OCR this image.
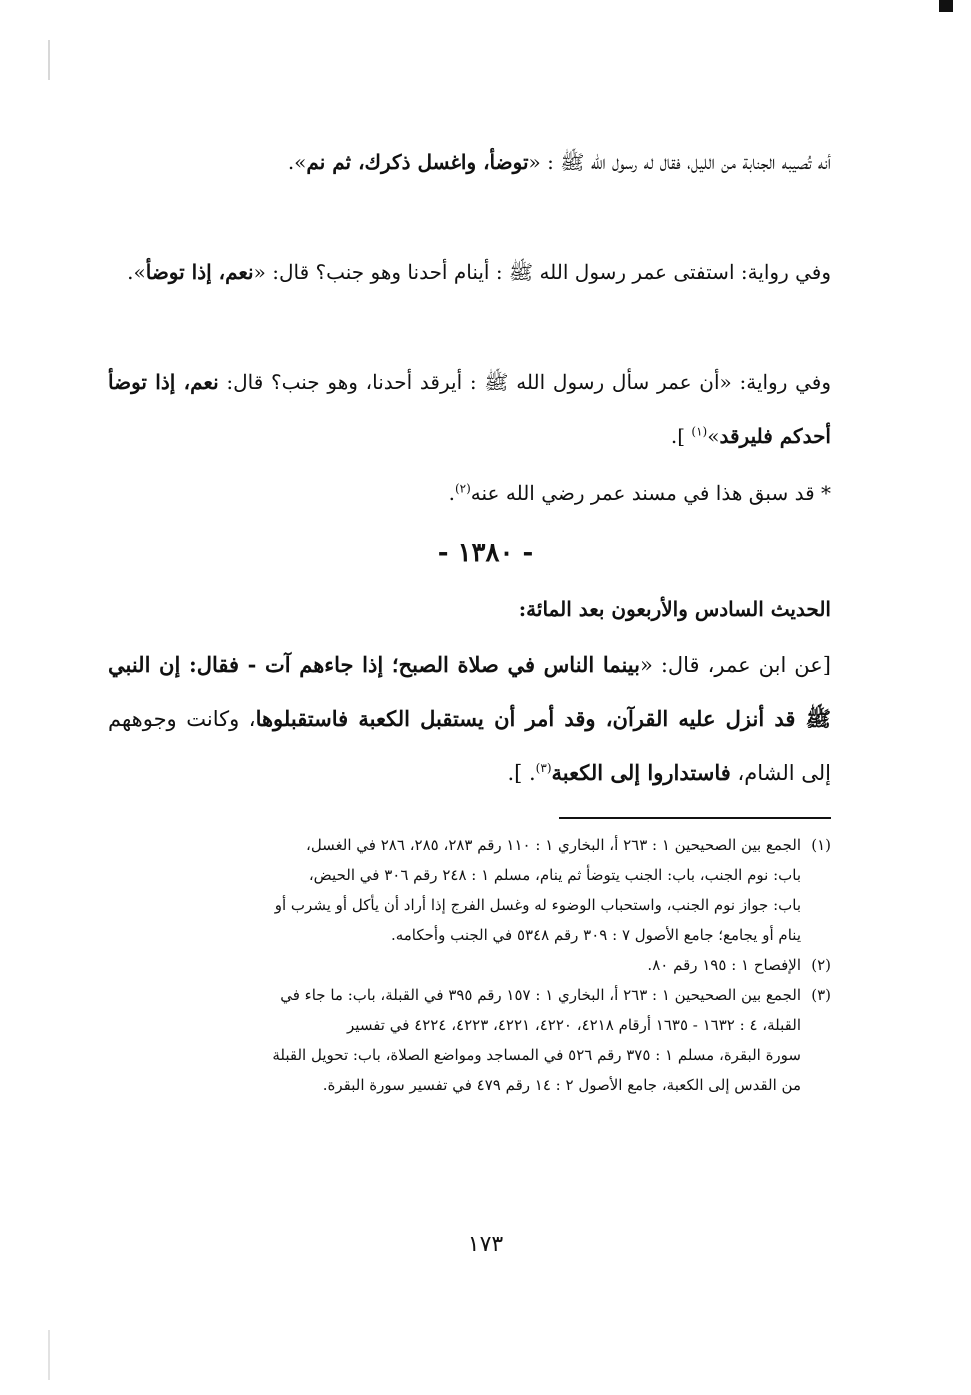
أنه تُصيبه الجنابة من الليل، فقال له رسول الله ﷺ : «توضأ، واغسل ذكرك، ثم نم».

وفي رواية: استفتى عمر رسول الله ﷺ : أينام أحدنا وهو جنب؟ قال: «نعم، إذا توضأ».

وفي رواية: «أن عمر سأل رسول الله ﷺ : أيرقد أحدنا، وهو جنب؟ قال: نعم، إذا توضأ أحدكم فليرقد»$^{(١)}$ ].

* قد سبق هذا في مسند عمر رضي الله عنه$^{(٢)}$.

- ١٣٨٠ -
الحديث السادس والأربعون بعد المائة:

[عن ابن عمر، قال: «بينما الناس في صلاة الصبح؛ إذا جاءهم آت - فقال: إن النبي ﷺ قد أنزل عليه القرآن، وقد أمر أن يستقبل الكعبة فاستقبلوها، وكانت وجوههم إلى الشام، فاستداروا إلى الكعبة$^{(٣)}$. ].

(١)الجمع بين الصحيحين ١ : ٢٦٣ أ، البخاري ١ : ١١٠ رقم ٢٨٣، ٢٨٥، ٢٨٦ في الغسل،
باب: نوم الجنب، باب: الجنب يتوضأ ثم ينام، مسلم ١ : ٢٤٨ رقم ٣٠٦ في الحيض،
باب: جواز نوم الجنب، واستحباب الوضوء له وغسل الفرج إذا أراد أن يأكل أو يشرب أو
ينام أو يجامع؛ جامع الأصول ٧ : ٣٠٩ رقم ٥٣٤٨ في الجنب وأحكامه.
(٢)الإفصاح ١ : ١٩٥ رقم ٨٠.
(٣)الجمع بين الصحيحين ١ : ٢٦٣ أ، البخاري ١ : ١٥٧ رقم ٣٩٥ في القبلة، باب: ما جاء في
القبلة، ٤ : ١٦٣٢ - ١٦٣٥ أرقام ٤٢١٨، ٤٢٢٠، ٤٢٢١، ٤٢٢٣، ٤٢٢٤ في تفسير
سورة البقرة، مسلم ١ : ٣٧٥ رقم ٥٢٦ في المساجد ومواضع الصلاة، باب: تحويل القبلة
من القدس إلى الكعبة، جامع الأصول ٢ : ١٤ رقم ٤٧٩ في تفسير سورة البقرة.
١٧٣
